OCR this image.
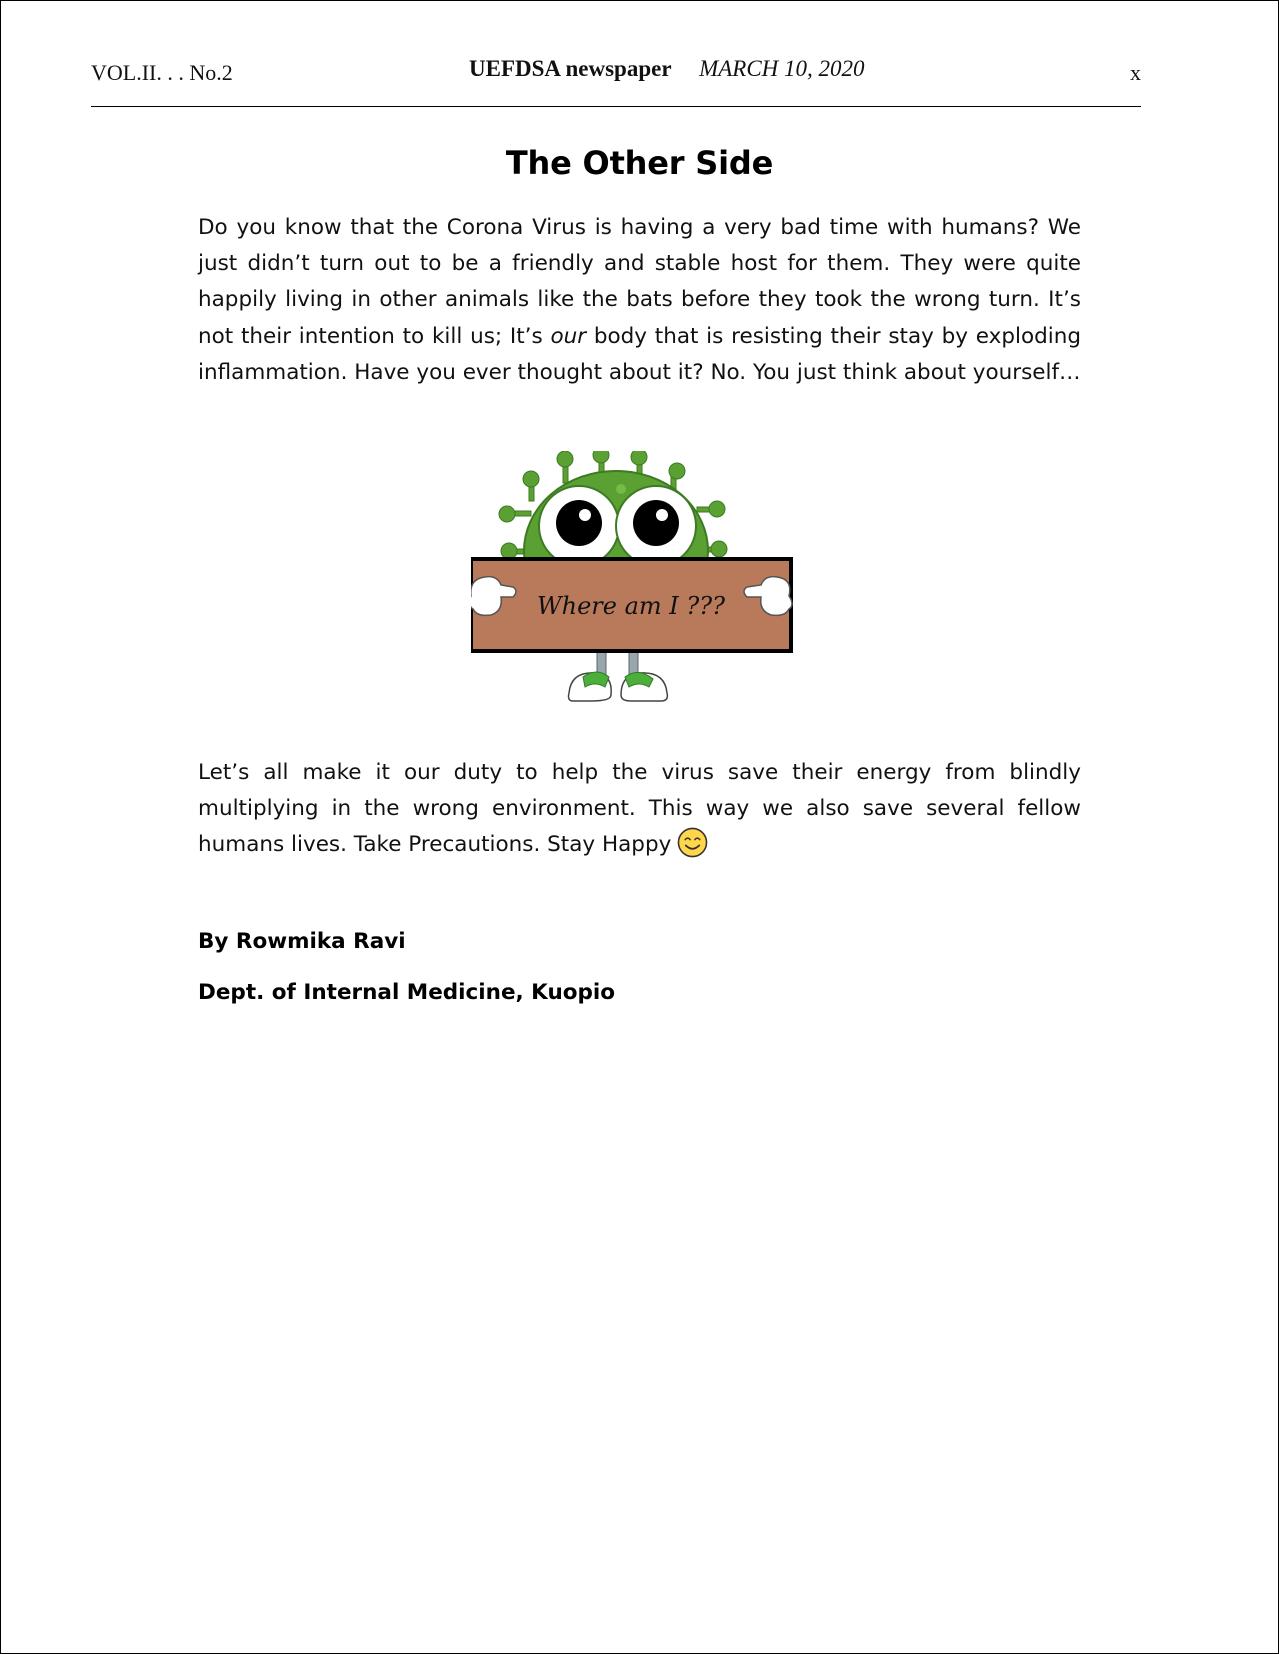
VOL.II. . . No.2	UEFDSA newspaper MARCH 10, 2020	x
The Other Side

Do you know that the Corona Virus is having a very bad time with humans? We just didn’t turn out to be a friendly and stable host for them. They were quite happily living in other animals like the bats before they took the wrong turn. It’s not their intention to kill us; It’s our body that is resisting their stay by exploding inflammation. Have you ever thought about it? No. You just think about yourself…

Where am I ???

Let’s all make it our duty to help the virus save their energy from blindly multiplying in the wrong environment. This way we also save several fellow humans lives. Take Precautions. Stay Happy

By Rowmika Ravi
Dept. of Internal Medicine, Kuopio
